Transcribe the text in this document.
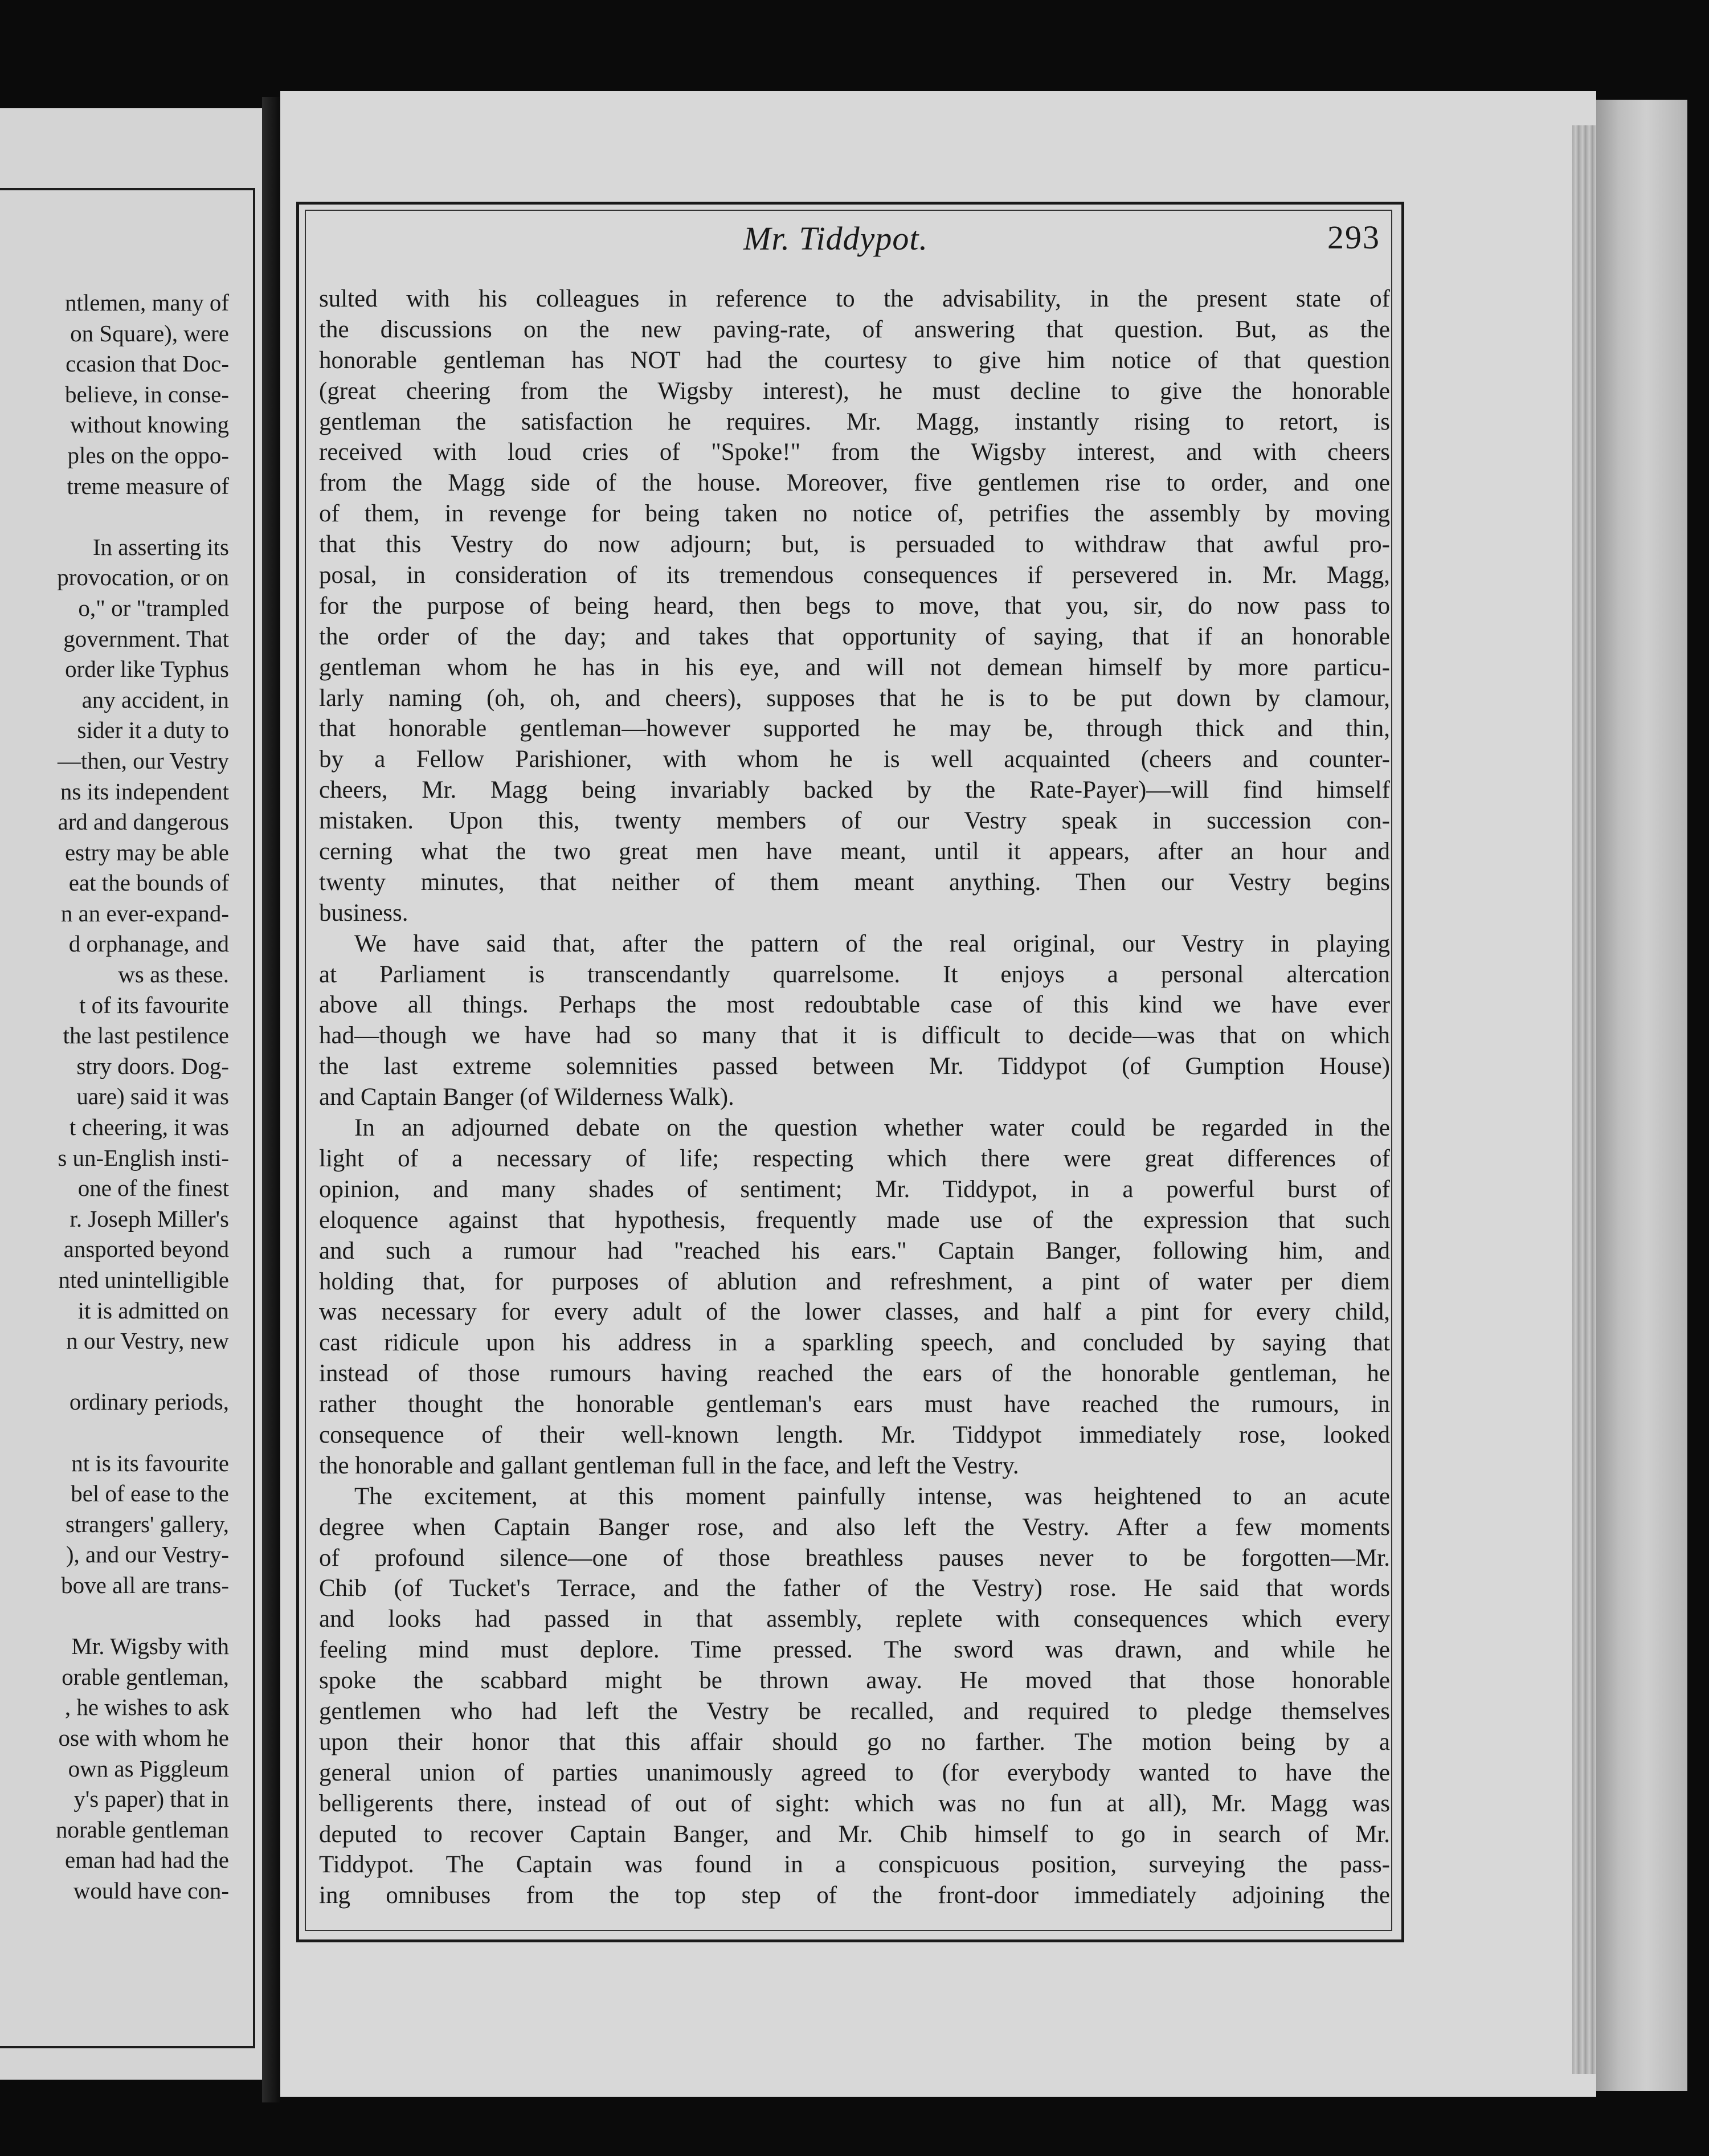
ntlemen, many of
on Square), were
ccasion that Doc-
believe, in conse-
without knowing
ples on the oppo-
treme measure of
In asserting its
provocation, or on
o," or "trampled
government. That
order like Typhus
any accident, in
sider it a duty to
—then, our Vestry
ns its independent
ard and dangerous
estry may be able
eat the bounds of
n an ever-expand-
d orphanage, and
ws as these.
t of its favourite
the last pestilence
stry doors. Dog-
uare) said it was
t cheering, it was
s un-English insti-
one of the finest
r. Joseph Miller's
ansported beyond
nted unintelligible
it is admitted on
n our Vestry, new
ordinary periods,
nt is its favourite
bel of ease to the
strangers' gallery,
), and our Vestry-
bove all are trans-
Mr. Wigsby with
orable gentleman,
, he wishes to ask
ose with whom he
own as Piggleum
y's paper) that in
norable gentleman
eman had had the
would have con-
Mr. Tiddypot.	293
sulted with his colleagues in reference to the advisability, in the present state of
the discussions on the new paving-rate, of answering that question. But, as the
honorable gentleman has NOT had the courtesy to give him notice of that question
(great cheering from the Wigsby interest), he must decline to give the honorable
gentleman the satisfaction he requires. Mr. Magg, instantly rising to retort, is
received with loud cries of "Spoke!" from the Wigsby interest, and with cheers
from the Magg side of the house. Moreover, five gentlemen rise to order, and one
of them, in revenge for being taken no notice of, petrifies the assembly by moving
that this Vestry do now adjourn; but, is persuaded to withdraw that awful pro-
posal, in consideration of its tremendous consequences if persevered in. Mr. Magg,
for the purpose of being heard, then begs to move, that you, sir, do now pass to
the order of the day; and takes that opportunity of saying, that if an honorable
gentleman whom he has in his eye, and will not demean himself by more particu-
larly naming (oh, oh, and cheers), supposes that he is to be put down by clamour,
that honorable gentleman—however supported he may be, through thick and thin,
by a Fellow Parishioner, with whom he is well acquainted (cheers and counter-
cheers, Mr. Magg being invariably backed by the Rate-Payer)—will find himself
mistaken. Upon this, twenty members of our Vestry speak in succession con-
cerning what the two great men have meant, until it appears, after an hour and
twenty minutes, that neither of them meant anything. Then our Vestry begins
business.
We have said that, after the pattern of the real original, our Vestry in playing
at Parliament is transcendantly quarrelsome. It enjoys a personal altercation
above all things. Perhaps the most redoubtable case of this kind we have ever
had—though we have had so many that it is difficult to decide—was that on which
the last extreme solemnities passed between Mr. Tiddypot (of Gumption House)
and Captain Banger (of Wilderness Walk).
In an adjourned debate on the question whether water could be regarded in the
light of a necessary of life; respecting which there were great differences of
opinion, and many shades of sentiment; Mr. Tiddypot, in a powerful burst of
eloquence against that hypothesis, frequently made use of the expression that such
and such a rumour had "reached his ears." Captain Banger, following him, and
holding that, for purposes of ablution and refreshment, a pint of water per diem
was necessary for every adult of the lower classes, and half a pint for every child,
cast ridicule upon his address in a sparkling speech, and concluded by saying that
instead of those rumours having reached the ears of the honorable gentleman, he
rather thought the honorable gentleman's ears must have reached the rumours, in
consequence of their well-known length. Mr. Tiddypot immediately rose, looked
the honorable and gallant gentleman full in the face, and left the Vestry.
The excitement, at this moment painfully intense, was heightened to an acute
degree when Captain Banger rose, and also left the Vestry. After a few moments
of profound silence—one of those breathless pauses never to be forgotten—Mr.
Chib (of Tucket's Terrace, and the father of the Vestry) rose. He said that words
and looks had passed in that assembly, replete with consequences which every
feeling mind must deplore. Time pressed. The sword was drawn, and while he
spoke the scabbard might be thrown away. He moved that those honorable
gentlemen who had left the Vestry be recalled, and required to pledge themselves
upon their honor that this affair should go no farther. The motion being by a
general union of parties unanimously agreed to (for everybody wanted to have the
belligerents there, instead of out of sight: which was no fun at all), Mr. Magg was
deputed to recover Captain Banger, and Mr. Chib himself to go in search of Mr.
Tiddypot. The Captain was found in a conspicuous position, surveying the pass-
ing omnibuses from the top step of the front-door immediately adjoining the
